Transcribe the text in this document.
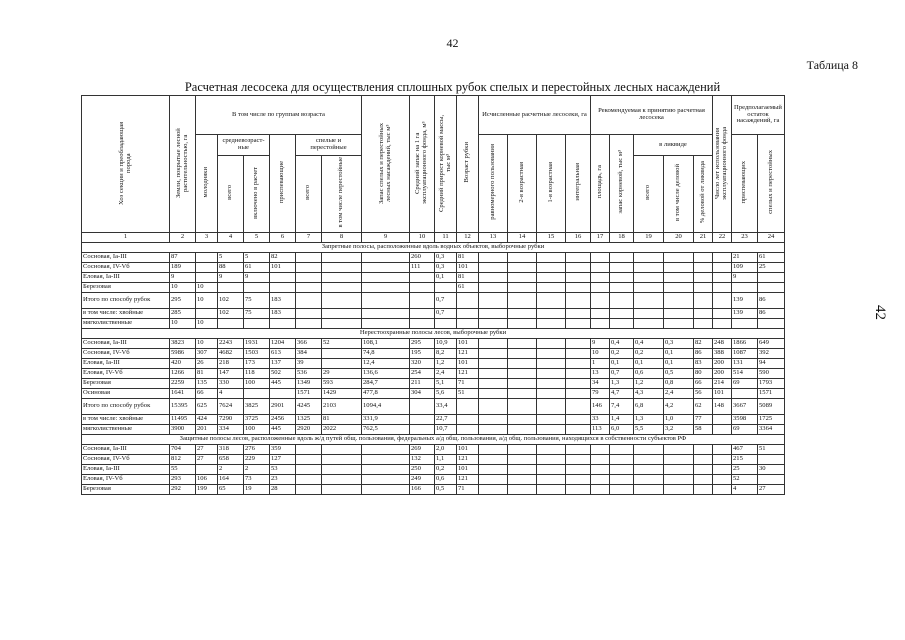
42
Таблица 8
Расчетная лесосека для осуществления сплошных рубок спелых и перестойных лесных насаждений
42
Хоз секции и преобладающая порода	Земли, покрытые лесной растительностью, га	В том числе по группам возраста						Запас спелых и перестойных лесных насаждений, тыс м³	Средний запас на 1 га эксплуатационного фонда, м³	Средний прирост корневой массы, тыс м³	Возраст рубки	Исчисленные расчетные лесосеки, га				Рекомендуемая к принятию расчетная лесосека					Число лет использования эксплуатационного фонда	Предполагаемый остаток насаждений, га	
		молодняки	средневозраст-ные		приспевающие	спелые и перестойные						равномерного пользования	2-я возрастная	1-я возрастная	интегральная	площадь, га	запас корневой, тыс м³	в ликвиде				приспевающих	спелых и перестойных
			всего	включено в расчет		всего	в том числе перестойные											всего	в том числе деловой	% деловой от ликвида			
1	2	3	4	5	6	7	8	9	10	11	12	13	14	15	16	17	18	19	20	21	22	23	24
Запретные полосы, расположенные вдоль водных объектов, выборочные рубки																							
Сосновая, Ia-III	87		5	5	82				260	0,3	81											21	61
Сосновая, IV-Vб	189		88	61	101				111	0,3	101											109	25
Еловая, Ia-III	9		9	9						0,1	81											9	
Березовая	10	10									61												
Итого по способу рубок	295	10	102	75	183					0,7												139	86
в том числе: хвойные	285		102	75	183					0,7												139	86
мягколиственные	10	10																					
Нерестоохранные полосы лесов, выборочные рубки																							
Сосновая, Ia-III	3823	10	2243	1931	1204	366	52	108,1	295	10,9	101					9	0,4	0,4	0,3	82	248	1866	649
Сосновая, IV-Vб	5986	307	4682	1503	613	384		74,8	195	8,2	121					10	0,2	0,2	0,1	86	388	1087	392
Еловая, Ia-III	420	26	218	173	137	39		12,4	320	1,2	101					1	0,1	0,1	0,1	83	200	131	94
Еловая, IV-Vб	1266	81	147	118	502	536	29	136,6	254	2,4	121					13	0,7	0,6	0,5	80	200	514	590
Березовая	2259	135	330	100	445	1349	593	284,7	211	5,1	71					34	1,3	1,2	0,8	66	214	69	1793
Осиновая	1641	66	4			1571	1429	477,8	304	5,6	51					79	4,7	4,3	2,4	56	101		1571
Итого по способу рубок	15395	625	7624	3825	2901	4245	2103	1094,4		33,4						146	7,4	6,8	4,2	62	148	3667	5089
в том числе: хвойные	11495	424	7290	3725	2456	1325	81	331,9		22,7						33	1,4	1,3	1,0	77		3598	1725
мягколиственные	3900	201	334	100	445	2920	2022	762,5		10,7						113	6,0	5,5	3,2	58		69	3364
Защитные полосы лесов, расположенные вдоль ж/д путей общ. пользования, федеральных а/д общ. пользования, а/д общ. пользования, находящихся в собственности субъектов РФ																							
Сосновая, Ia-III	704	27	318	276	359				269	2,0	101											467	51
Сосновая, IV-Vб	812	27	658	229	127				132	1,1	121											215	
Еловая, Ia-III	55		2	2	53				250	0,2	101											25	30
Еловая, IV-Vб	293	106	164	73	23				249	0,6	121											52	
Березовая	292	199	65	19	28				166	0,5	71											4	27
